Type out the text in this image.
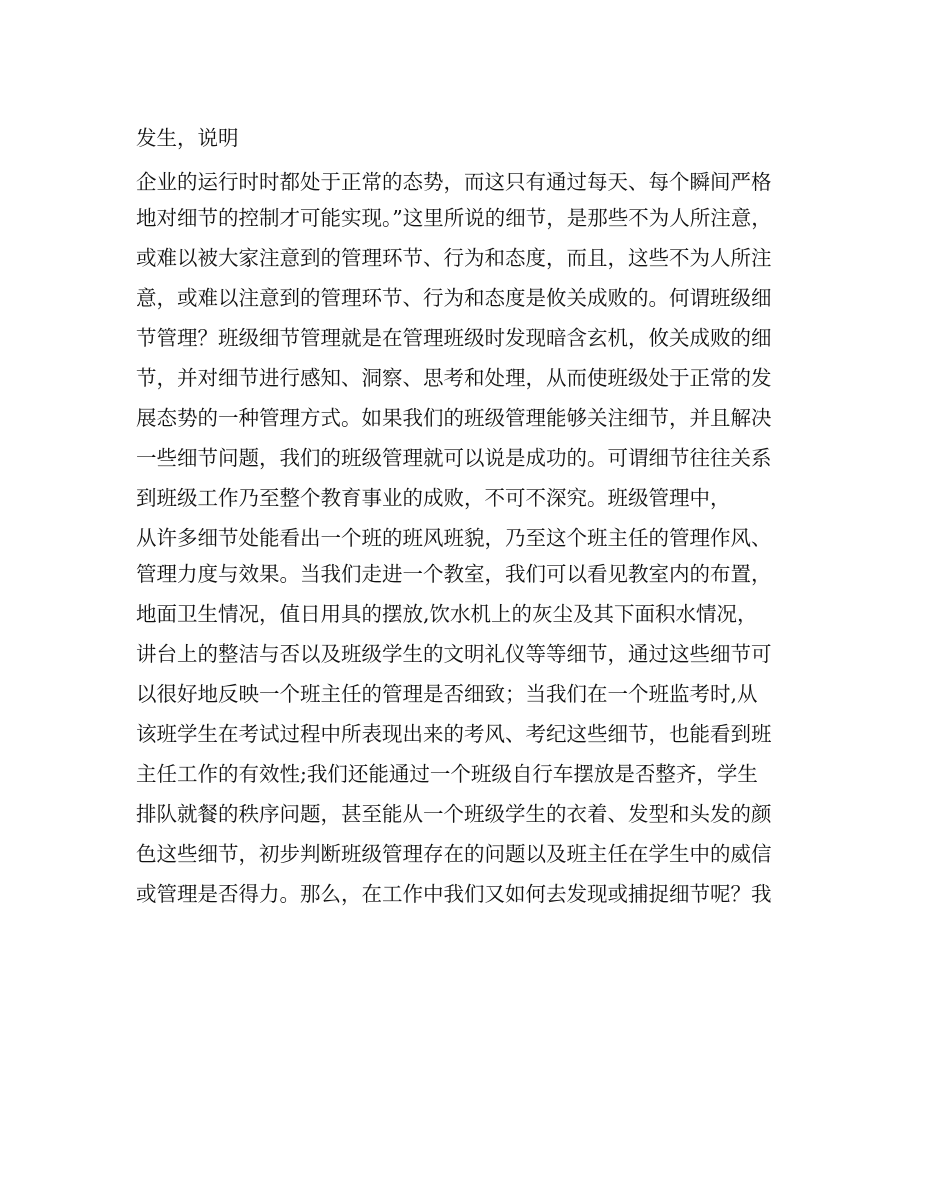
发生，说明
企业的运行时时都处于正常的态势，而这只有通过每天、每个瞬间严格
地对细节的控制才可能实现。”这里所说的细节，是那些不为人所注意，
或难以被大家注意到的管理环节、行为和态度，而且，这些不为人所注
意，或难以注意到的管理环节、行为和态度是攸关成败的。何谓班级细
节管理？班级细节管理就是在管理班级时发现暗含玄机，攸关成败的细
节，并对细节进行感知、洞察、思考和处理，从而使班级处于正常的发
展态势的一种管理方式。如果我们的班级管理能够关注细节，并且解决
一些细节问题，我们的班级管理就可以说是成功的。可谓细节往往关系
到班级工作乃至整个教育事业的成败，不可不深究。班级管理中，
从许多细节处能看出一个班的班风班貌，乃至这个班主任的管理作风、
管理力度与效果。当我们走进一个教室，我们可以看见教室内的布置，
地面卫生情况，值日用具的摆放,饮水机上的灰尘及其下面积水情况，
讲台上的整洁与否以及班级学生的文明礼仪等等细节，通过这些细节可
以很好地反映一个班主任的管理是否细致；当我们在一个班监考时,从
该班学生在考试过程中所表现出来的考风、考纪这些细节，也能看到班
主任工作的有效性;我们还能通过一个班级自行车摆放是否整齐，学生
排队就餐的秩序问题，甚至能从一个班级学生的衣着、发型和头发的颜
色这些细节，初步判断班级管理存在的问题以及班主任在学生中的威信
或管理是否得力。那么，在工作中我们又如何去发现或捕捉细节呢？我
